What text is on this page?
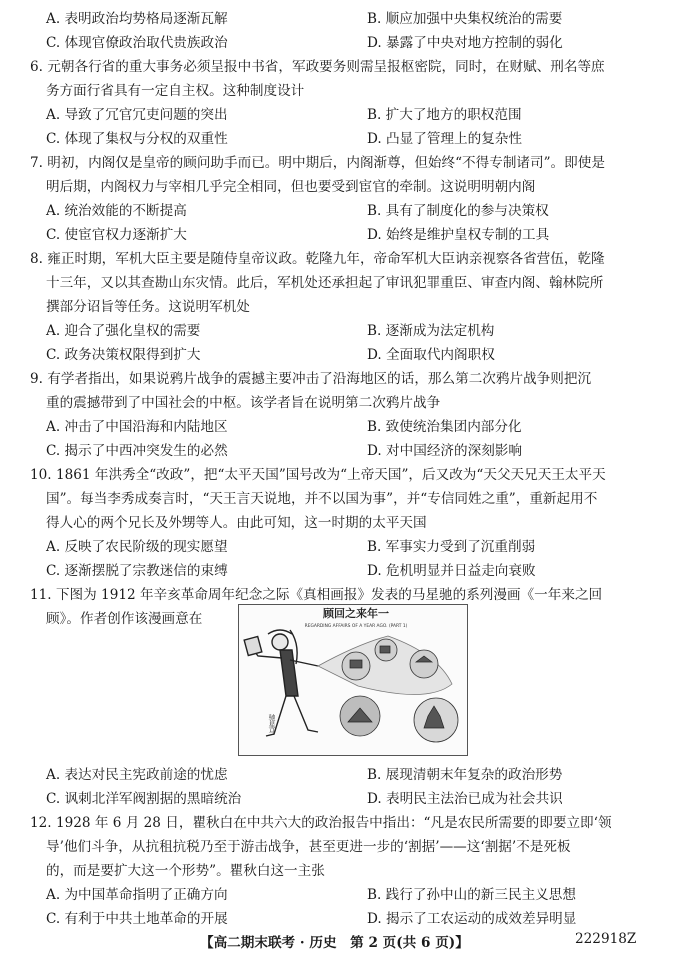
A. 表明政治均势格局逐渐瓦解	B. 顺应加强中央集权统治的需要
C. 体现官僚政治取代贵族政治	D. 暴露了中央对地方控制的弱化
6. 元朝各行省的重大事务必须呈报中书省，军政要务则需呈报枢密院，同时，在财赋、刑名等庶
务方面行省具有一定自主权。这种制度设计
A. 导致了冗官冗吏问题的突出	B. 扩大了地方的职权范围
C. 体现了集权与分权的双重性	D. 凸显了管理上的复杂性
7. 明初，内阁仅是皇帝的顾问助手而已。明中期后，内阁渐尊，但始终“不得专制诸司”。即使是
明后期，内阁权力与宰相几乎完全相同，但也要受到宦官的牵制。这说明明朝内阁
A. 统治效能的不断提高	B. 具有了制度化的参与决策权
C. 使宦官权力逐渐扩大	D. 始终是维护皇权专制的工具
8. 雍正时期，军机大臣主要是随侍皇帝议政。乾隆九年，帝命军机大臣讷亲视察各省营伍，乾隆
十三年，又以其查勘山东灾情。此后，军机处还承担起了审讯犯罪重臣、审查内阁、翰林院所
撰部分诏旨等任务。这说明军机处
A. 迎合了强化皇权的需要	B. 逐渐成为法定机构
C. 政务决策权限得到扩大	D. 全面取代内阁职权
9. 有学者指出，如果说鸦片战争的震撼主要冲击了沿海地区的话，那么第二次鸦片战争则把沉
重的震撼带到了中国社会的中枢。该学者旨在说明第二次鸦片战争
A. 冲击了中国沿海和内陆地区	B. 致使统治集团内部分化
C. 揭示了中西冲突发生的必然	D. 对中国经济的深刻影响
10. 1861 年洪秀全“改政”，把“太平天国”国号改为“上帝天国”，后又改为“天父天兄天王太平天
国”。每当李秀成奏言时，“天王言天说地，并不以国为事”，并“专信同姓之重”，重新起用不
得人心的两个兄长及外甥等人。由此可知，这一时期的太平天国
A. 反映了农民阶级的现实愿望	B. 军事实力受到了沉重削弱
C. 逐渐摆脱了宗教迷信的束缚	D. 危机明显并日益走向衰败
11. 下图为 1912 年辛亥革命周年纪念之际《真相画报》发表的马星驰的系列漫画《一年来之回
顾》。作者创作该漫画意在	顾回之来年一
REGARDING AFFAIRS OF A YEAR AGO. (PART 1)
驰星马
A. 表达对民主宪政前途的忧虑	B. 展现清朝末年复杂的政治形势
C. 讽刺北洋军阀割据的黑暗统治	D. 表明民主法治已成为社会共识
12. 1928 年 6 月 28 日，瞿秋白在中共六大的政治报告中指出：“凡是农民所需要的即要立即‘领
导’他们斗争，从抗租抗税乃至于游击战争，甚至更进一步的‘割据’——这‘割据’不是死板
的，而是要扩大这一个形势”。瞿秋白这一主张
A. 为中国革命指明了正确方向	B. 践行了孙中山的新三民主义思想
C. 有利于中共土地革命的开展	D. 揭示了工农运动的成效差异明显
【高二期末联考 · 历史　第 2 页(共 6 页)】	222918Z
